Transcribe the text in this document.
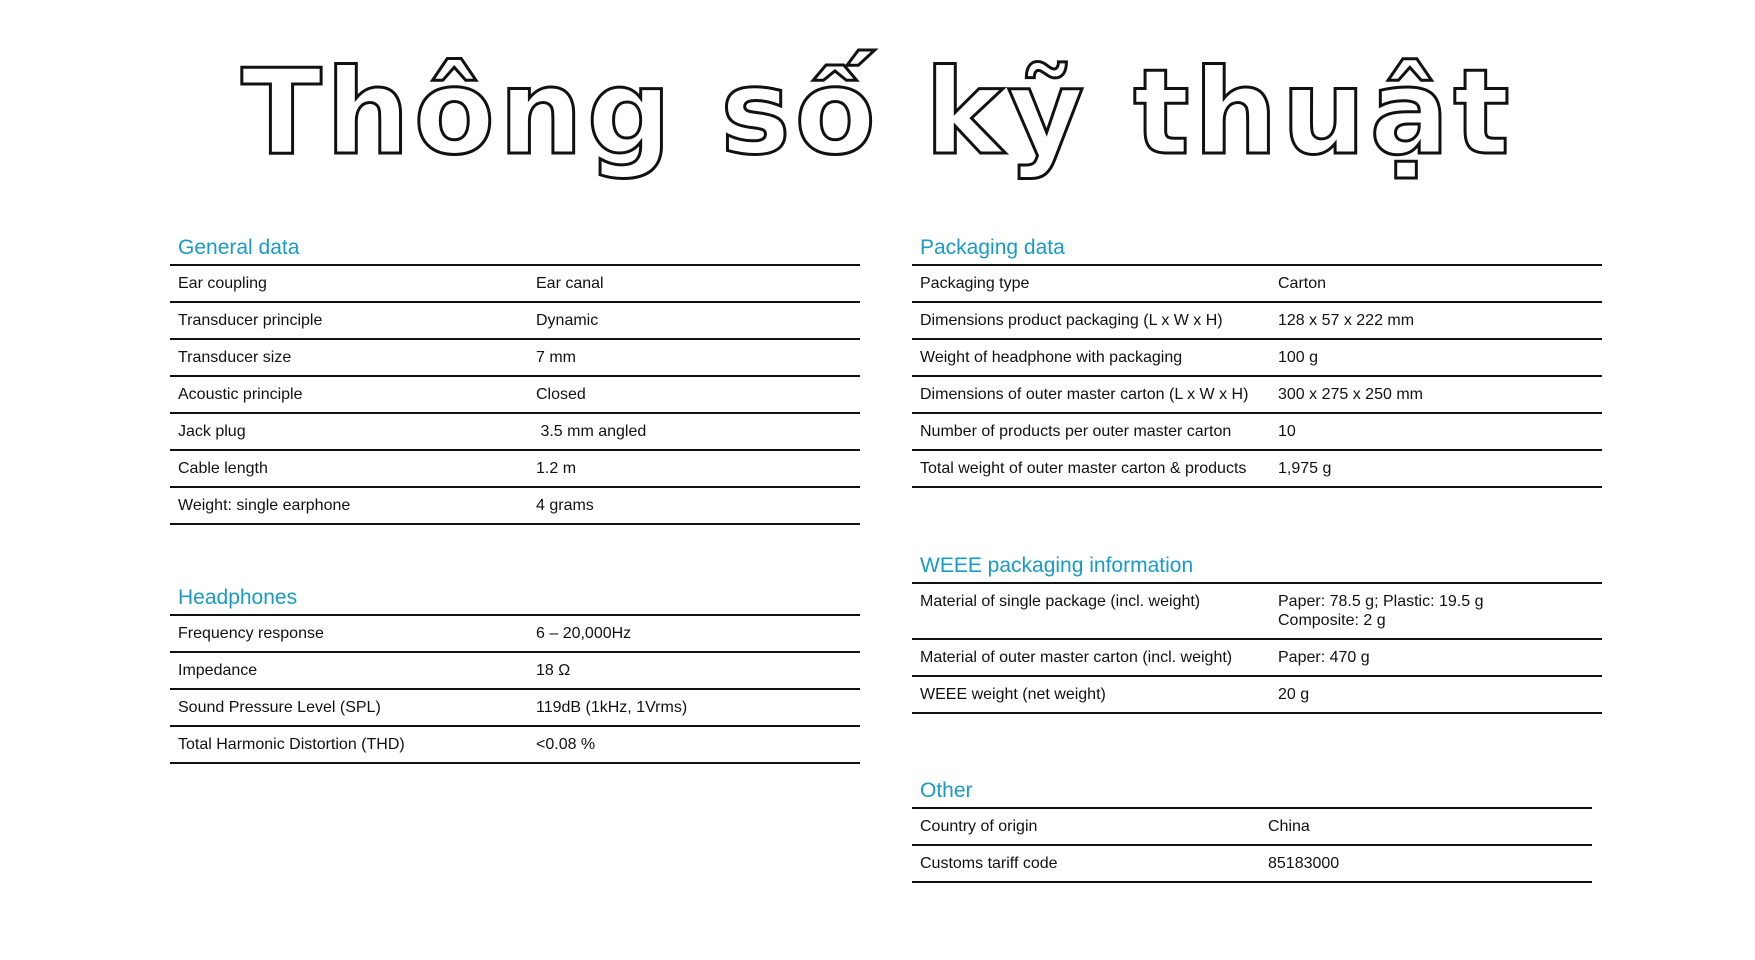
Thông số kỹ thuật
General data
Ear coupling	Ear canal
Transducer principle	Dynamic
Transducer size	7 mm
Acoustic principle	Closed
Jack plug	3.5 mm angled
Cable length	1.2 m
Weight: single earphone	4 grams
Headphones
Frequency response	6 – 20,000Hz
Impedance	18 Ω
Sound Pressure Level (SPL)	119dB (1kHz, 1Vrms)
Total Harmonic Distortion (THD)	<0.08 %
Packaging data
Packaging type	Carton
Dimensions product packaging (L x W x H)	128 x 57 x 222 mm
Weight of headphone with packaging	100 g
Dimensions of outer master carton (L x W x H)	300 x 275 x 250 mm
Number of products per outer master carton	10
Total weight of outer master carton & products	1,975 g
WEEE packaging information
Material of single package (incl. weight)	Paper: 78.5 g; Plastic: 19.5 g
Composite: 2 g
Material of outer master carton (incl. weight)	Paper: 470 g
WEEE weight (net weight)	20 g
Other
Country of origin	China
Customs tariff code	85183000
